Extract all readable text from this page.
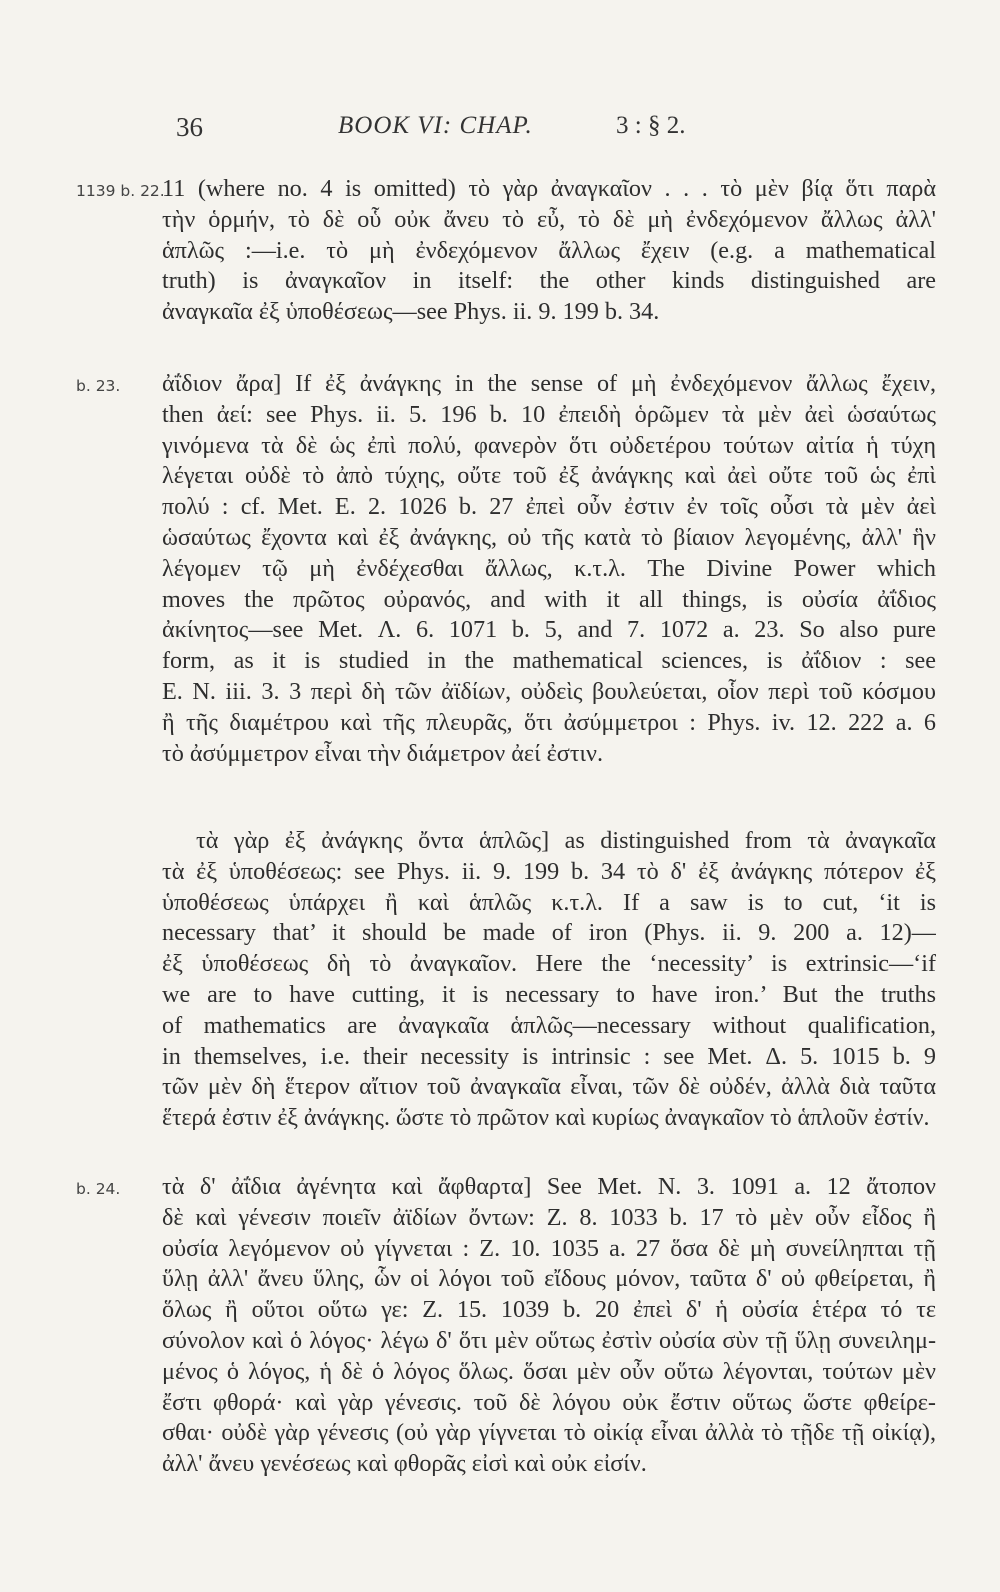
36	BOOK VI: CHAP.	3 : § 2.
1139 b. 22.
11 (where no. 4 is omitted) τὸ γὰρ ἀναγκαῖον . . . τὸ μὲν βίᾳ ὅτι παρὰ
τὴν ὁρμήν, τὸ δὲ οὗ οὐκ ἄνευ τὸ εὖ, τὸ δὲ μὴ ἐνδεχόμενον ἄλλως ἀλλ'
ἁπλῶς :—i.e. τὸ μὴ ἐνδεχόμενον ἄλλως ἔχειν (e.g. a mathematical
truth) is ἀναγκαῖον in itself: the other kinds distinguished are
ἀναγκαῖα ἐξ ὑποθέσεως—see Phys. ii. 9. 199 b. 34.
b. 23. ἀΐδιον ἄρα] If ἐξ ἀνάγκης in the sense of μὴ ἐνδεχόμενον ἄλλως ἔχειν,
then ἀεί: see Phys. ii. 5. 196 b. 10 ἐπειδὴ ὁρῶμεν τὰ μὲν ἀεὶ ὡσαύτως
γινόμενα τὰ δὲ ὡς ἐπὶ πολύ, φανερὸν ὅτι οὐδετέρου τούτων αἰτία ἡ τύχη
λέγεται οὐδὲ τὸ ἀπὸ τύχης, οὔτε τοῦ ἐξ ἀνάγκης καὶ ἀεὶ οὔτε τοῦ ὡς ἐπὶ
πολύ : cf. Met. E. 2. 1026 b. 27 ἐπεὶ οὖν ἐστιν ἐν τοῖς οὖσι τὰ μὲν ἀεὶ
ὡσαύτως ἔχοντα καὶ ἐξ ἀνάγκης, οὐ τῆς κατὰ τὸ βίαιον λεγομένης, ἀλλ' ἣν
λέγομεν τῷ μὴ ἐνδέχεσθαι ἄλλως, κ.τ.λ. The Divine Power which
moves the πρῶτος οὐρανός, and with it all things, is οὐσία ἀΐδιος
ἀκίνητος—see Met. Λ. 6. 1071 b. 5, and 7. 1072 a. 23. So also pure
form, as it is studied in the mathematical sciences, is ἀΐδιον : see
E. N. iii. 3. 3 περὶ δὴ τῶν ἀϊδίων, οὐδεὶς βουλεύεται, οἷον περὶ τοῦ κόσμου
ἢ τῆς διαμέτρου καὶ τῆς πλευρᾶς, ὅτι ἀσύμμετροι : Phys. iv. 12. 222 a. 6
τὸ ἀσύμμετρον εἶναι τὴν διάμετρον ἀεί ἐστιν.
τὰ γὰρ ἐξ ἀνάγκης ὄντα ἁπλῶς] as distinguished from τὰ ἀναγκαῖα
τὰ ἐξ ὑποθέσεως: see Phys. ii. 9. 199 b. 34 τὸ δ' ἐξ ἀνάγκης πότερον ἐξ
ὑποθέσεως ὑπάρχει ἢ καὶ ἁπλῶς κ.τ.λ. If a saw is to cut, ‘it is
necessary that’ it should be made of iron (Phys. ii. 9. 200 a. 12)—
ἐξ ὑποθέσεως δὴ τὸ ἀναγκαῖον. Here the ‘necessity’ is extrinsic—‘if
we are to have cutting, it is necessary to have iron.’ But the truths
of mathematics are ἀναγκαῖα ἁπλῶς—necessary without qualification,
in themselves, i.e. their necessity is intrinsic : see Met. Δ. 5. 1015 b. 9
τῶν μὲν δὴ ἕτερον αἴτιον τοῦ ἀναγκαῖα εἶναι, τῶν δὲ οὐδέν, ἀλλὰ διὰ ταῦτα
ἕτερά ἐστιν ἐξ ἀνάγκης. ὥστε τὸ πρῶτον καὶ κυρίως ἀναγκαῖον τὸ ἁπλοῦν ἐστίν.
b. 24. τὰ δ' ἀΐδια ἀγένητα καὶ ἄφθαρτα] See Met. N. 3. 1091 a. 12 ἄτοπον
δὲ καὶ γένεσιν ποιεῖν ἀϊδίων ὄντων: Z. 8. 1033 b. 17 τὸ μὲν οὖν εἶδος ἢ
οὐσία λεγόμενον οὐ γίγνεται : Z. 10. 1035 a. 27 ὅσα δὲ μὴ συνείληπται τῇ
ὕλῃ ἀλλ' ἄνευ ὕλης, ὧν οἱ λόγοι τοῦ εἴδους μόνον, ταῦτα δ' οὐ φθείρεται, ἢ
ὅλως ἢ οὕτοι οὕτω γε: Z. 15. 1039 b. 20 ἐπεὶ δ' ἡ οὐσία ἑτέρα τό τε
σύνολον καὶ ὁ λόγος· λέγω δ' ὅτι μὲν οὕτως ἐστὶν οὐσία σὺν τῇ ὕλῃ συνειλημ-
μένος ὁ λόγος, ἡ δὲ ὁ λόγος ὅλως. ὅσαι μὲν οὖν οὕτω λέγονται, τούτων μὲν
ἔστι φθορά· καὶ γὰρ γένεσις. τοῦ δὲ λόγου οὐκ ἔστιν οὕτως ὥστε φθείρε-
σθαι· οὐδὲ γὰρ γένεσις (οὐ γὰρ γίγνεται τὸ οἰκίᾳ εἶναι ἀλλὰ τὸ τῇδε τῇ οἰκίᾳ),
ἀλλ' ἄνευ γενέσεως καὶ φθορᾶς εἰσὶ καὶ οὐκ εἰσίν.
